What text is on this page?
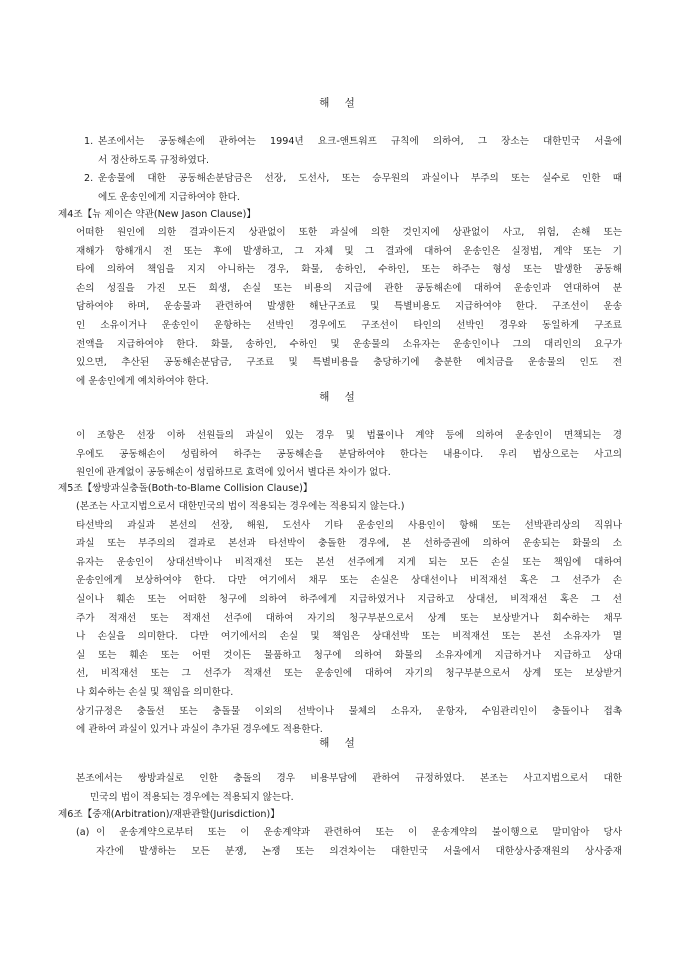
해 설
1. 본조에서는 공동해손에 관하여는 1994년 요크-앤트워프 규칙에 의하여, 그 장소는 대한민국 서울에
서 정산하도록 규정하였다.
2. 운송물에 대한 공동해손분담금은 선장, 도선사, 또는 승무원의 과실이나 부주의 또는 실수로 인한 때
에도 운송인에게 지급하여야 한다.
제4조【뉴 제이슨 약관(New Jason Clause)】
어떠한 원인에 의한 결과이든지 상관없이 또한 과실에 의한 것인지에 상관없이 사고, 위험, 손해 또는
재해가 항해개시 전 또는 후에 발생하고, 그 자체 및 그 결과에 대하여 운송인은 실정법, 계약 또는 기
타에 의하여 책임을 지지 아니하는 경우, 화물, 송하인, 수하인, 또는 하주는 형성 또는 발생한 공동해
손의 성질을 가진 모든 희생, 손실 또는 비용의 지급에 관한 공동해손에 대하여 운송인과 연대하여 분
담하여야 하며, 운송물과 관련하여 발생한 해난구조료 및 특별비용도 지급하여야 한다. 구조선이 운송
인 소유이거나 운송인이 운항하는 선박인 경우에도 구조선이 타인의 선박인 경우와 동일하게 구조료
전액을 지급하여야 한다. 화물, 송하인, 수하인 및 운송물의 소유자는 운송인이나 그의 대리인의 요구가
있으면, 추산된 공동해손분담금, 구조료 및 특별비용을 충당하기에 충분한 예치금을 운송물의 인도 전
에 운송인에게 예치하여야 한다.
해 설
이 조항은 선장 이하 선원들의 과실이 있는 경우 및 법률이나 계약 등에 의하여 운송인이 면책되는 경
우에도 공동해손이 성립하여 하주는 공동해손을 분담하여야 한다는 내용이다. 우리 법상으로는 사고의
원인에 관계없이 공동해손이 성립하므로 효력에 있어서 별다른 차이가 없다.
제5조【쌍방과실충돌(Both-to-Blame Collision Clause)】
(본조는 사고지법으로서 대한민국의 법이 적용되는 경우에는 적용되지 않는다.)
타선박의 과실과 본선의 선장, 해원, 도선사 기타 운송인의 사용인이 항해 또는 선박관리상의 직위나
과실 또는 부주의의 결과로 본선과 타선박이 충돌한 경우에, 본 선하증권에 의하여 운송되는 화물의 소
유자는 운송인이 상대선박이나 비적재선 또는 본선 선주에게 지게 되는 모든 손실 또는 책임에 대하여
운송인에게 보상하여야 한다. 다만 여기에서 채무 또는 손실은 상대선이나 비적재선 혹은 그 선주가 손
실이나 훼손 또는 어떠한 청구에 의하여 하주에게 지급하였거나 지급하고 상대선, 비적재선 혹은 그 선
주가 적재선 또는 적재선 선주에 대하여 자기의 청구부분으로서 상계 또는 보상받거나 회수하는 채무
나 손실을 의미한다. 다만 여기에서의 손실 및 책임은 상대선박 또는 비적재선 또는 본선 소유자가 멸
실 또는 훼손 또는 어떤 것이든 물품하고 청구에 의하여 화물의 소유자에게 지급하거나 지급하고 상대
선, 비적재선 또는 그 선주가 적재선 또는 운송인에 대하여 자기의 청구부분으로서 상계 또는 보상받거
나 회수하는 손실 및 책임을 의미한다.
상기규정은 충돌선 또는 충돌물 이외의 선박이나 물체의 소유자, 운항자, 수임관리인이 충돌이나 접촉
에 관하여 과실이 있거나 과실이 추가된 경우에도 적용한다.
해 설
본조에서는 쌍방과실로 인한 충돌의 경우 비용부담에 관하여 규정하였다. 본조는 사고지법으로서 대한
민국의 법이 적용되는 경우에는 적용되지 않는다.
제6조【중재(Arbitration)/재판관할(Jurisdiction)】
(a) 이 운송계약으로부터 또는 이 운송계약과 관련하여 또는 이 운송계약의 불이행으로 말미암아 당사
자간에 발생하는 모든 분쟁, 논쟁 또는 의견차이는 대한민국 서울에서 대한상사중재원의 상사중재
